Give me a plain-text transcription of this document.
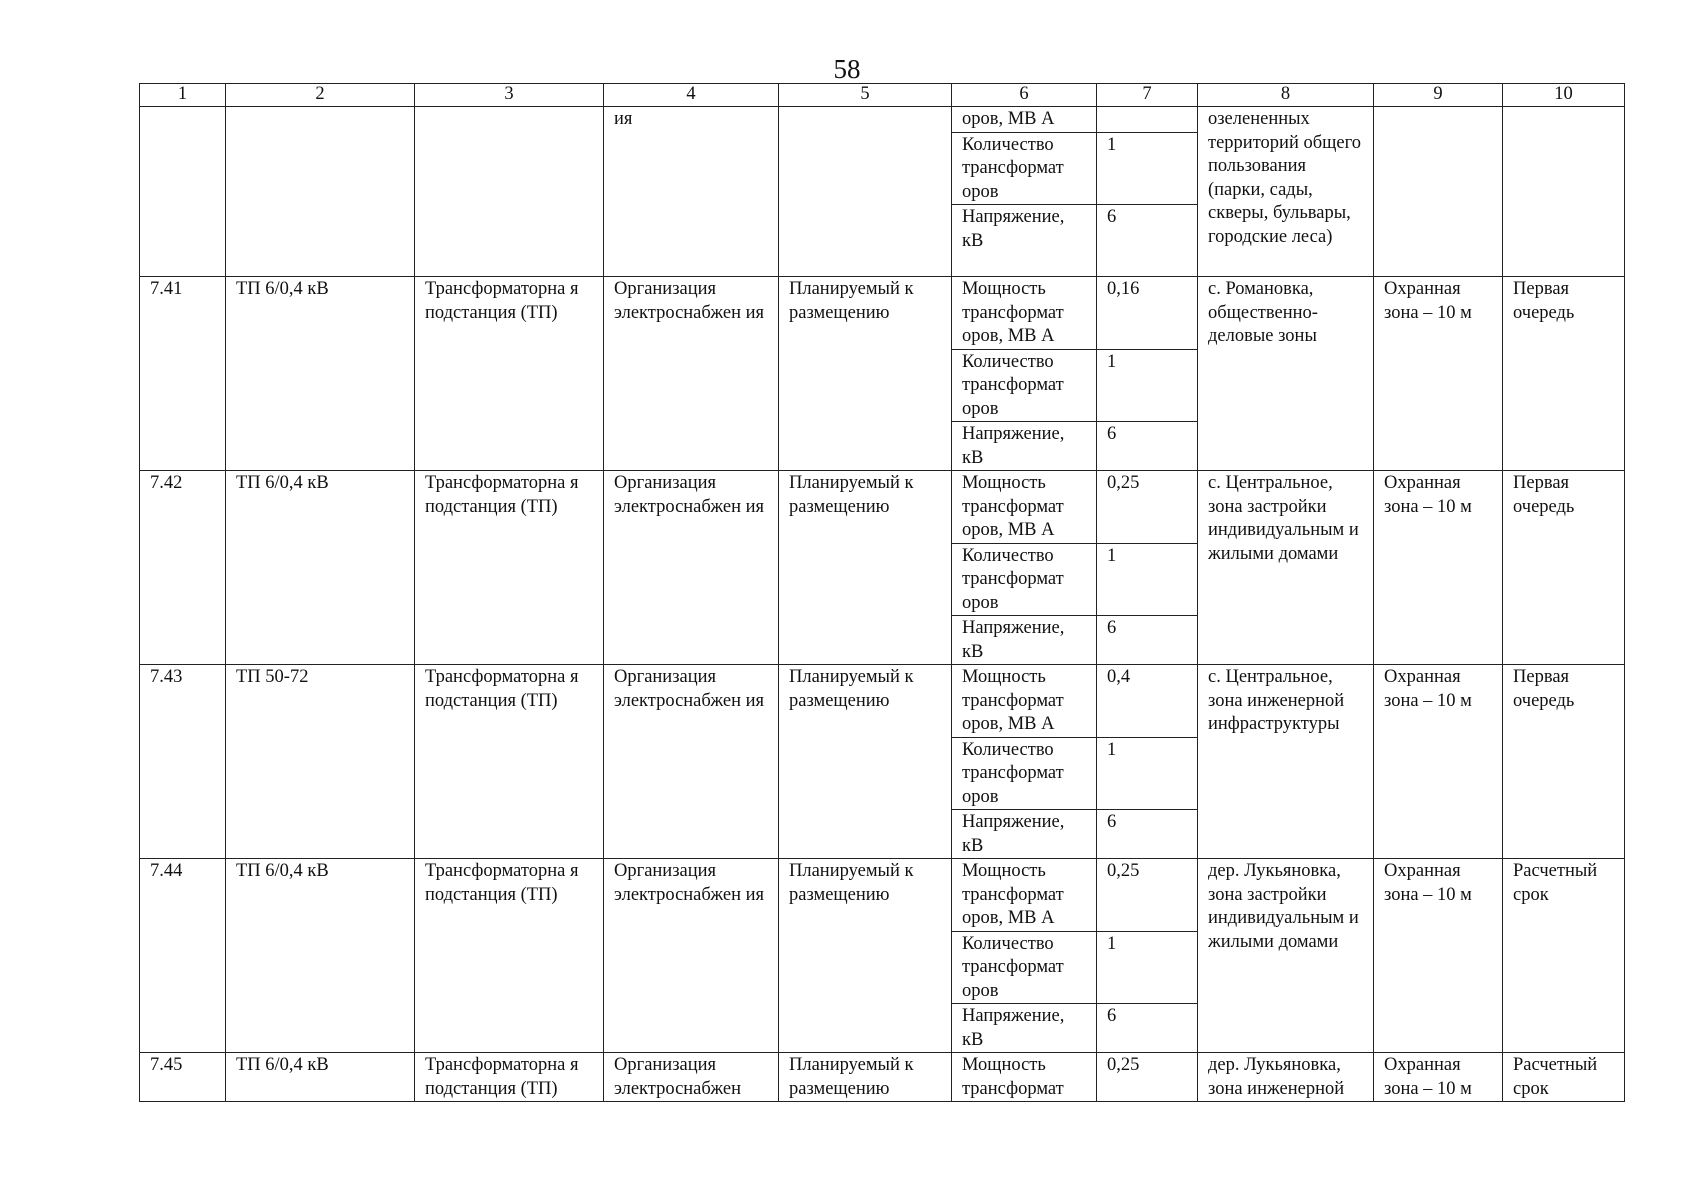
58
1	2	3	4	5	6	7	8	9	10
			ия		оров, МВ А		озелененных территорий общего пользования (парки, сады, скверы, бульвары, городские леса)		
					Количество трансформат оров	1			
					Напряжение, кВ	6			
7.41	ТП 6/0,4 кВ	Трансформаторна я подстанция (ТП)	Организация электроснабжен ия	Планируемый к размещению	Мощность трансформат оров, МВ А	0,16	с. Романовка, общественно-деловые зоны	Охранная зона – 10 м	Первая очередь
					Количество трансформат оров	1			
					Напряжение, кВ	6			
7.42	ТП 6/0,4 кВ	Трансформаторна я подстанция (ТП)	Организация электроснабжен ия	Планируемый к размещению	Мощность трансформат оров, МВ А	0,25	с. Центральное, зона застройки индивидуальным и жилыми домами	Охранная зона – 10 м	Первая очередь
					Количество трансформат оров	1			
					Напряжение, кВ	6			
7.43	ТП 50-72	Трансформаторна я подстанция (ТП)	Организация электроснабжен ия	Планируемый к размещению	Мощность трансформат оров, МВ А	0,4	с. Центральное, зона инженерной инфраструктуры	Охранная зона – 10 м	Первая очередь
					Количество трансформат оров	1			
					Напряжение, кВ	6			
7.44	ТП 6/0,4 кВ	Трансформаторна я подстанция (ТП)	Организация электроснабжен ия	Планируемый к размещению	Мощность трансформат оров, МВ А	0,25	дер. Лукьяновка, зона застройки индивидуальным и жилыми домами	Охранная зона – 10 м	Расчетный срок
					Количество трансформат оров	1			
					Напряжение, кВ	6			
7.45	ТП 6/0,4 кВ	Трансформаторна я подстанция (ТП)	Организация электроснабжен	Планируемый к размещению	Мощность трансформат	0,25	дер. Лукьяновка, зона инженерной	Охранная зона – 10 м	Расчетный срок
